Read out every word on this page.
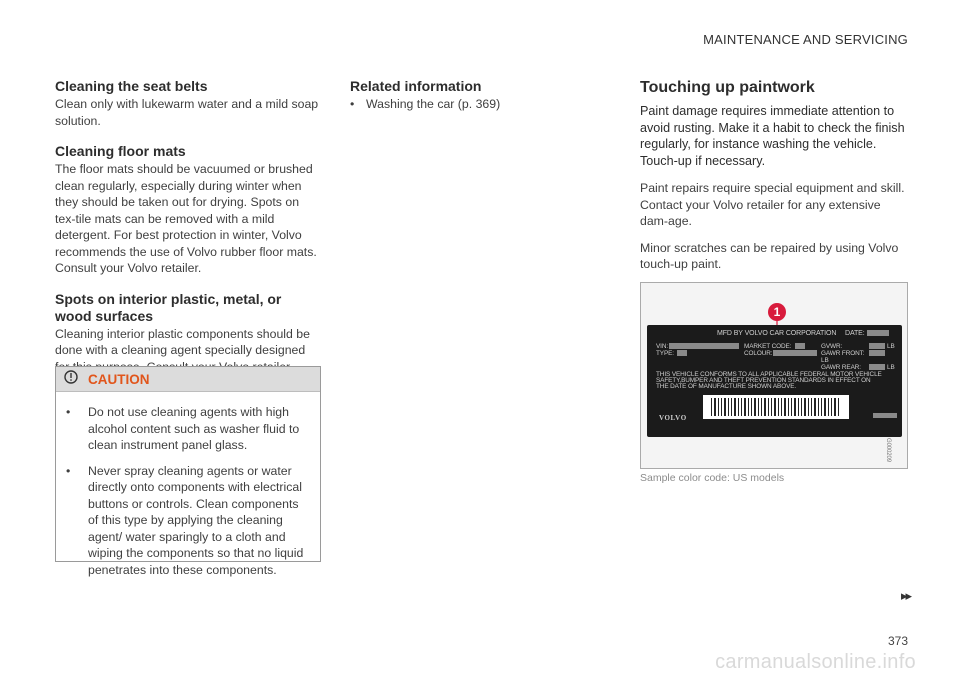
MAINTENANCE AND SERVICING
Cleaning the seat belts

Clean only with lukewarm water and a mild soap solution.

Cleaning floor mats

The floor mats should be vacuumed or brushed clean regularly, especially during winter when they should be taken out for drying. Spots on tex-tile mats can be removed with a mild detergent. For best protection in winter, Volvo recommends the use of Volvo rubber floor mats. Consult your Volvo retailer.

Spots on interior plastic, metal, or wood surfaces

Cleaning interior plastic components should be done with a cleaning agent specially designed

CAUTION
• Do not use cleaning agents with high alcohol content such as washer fluid to clean instrument panel glass.
• Never spray cleaning agents or water directly onto components with electrical buttons or controls. Clean components of this type by applying the cleaning agent/ water sparingly to a cloth and wiping the components so that no liquid penetrates into these components.
Related information
• Washing the car (p. 369)
Touching up paintwork

Paint damage requires immediate attention to avoid rusting. Make it a habit to check the finish regularly, for instance washing the vehicle. Touch-up if necessary.

Paint repairs require special equipment and skill. Contact your Volvo retailer for any extensive dam-age.

Minor scratches can be repaired by using Volvo touch-up paint.

1
MFD BY VOLVO CAR CORPORATION DATE:
VIN:
TYPE:
MARKET CODE:
COLOUR:
GVWR:	LB
GAWR FRONT:
LB
GAWR REAR:	LB
THIS VEHICLE CONFORMS TO ALL APPLICABLE FEDERAL MOTOR VEHICLE
SAFETY,BUMPER AND THEFT PREVENTION STANDARDS IN EFFECT ON
THE DATE OF MANUFACTURE SHOWN ABOVE.
VOLVO
G000209
Sample color code: US models
▸▸
373
carmanualsonline.info
